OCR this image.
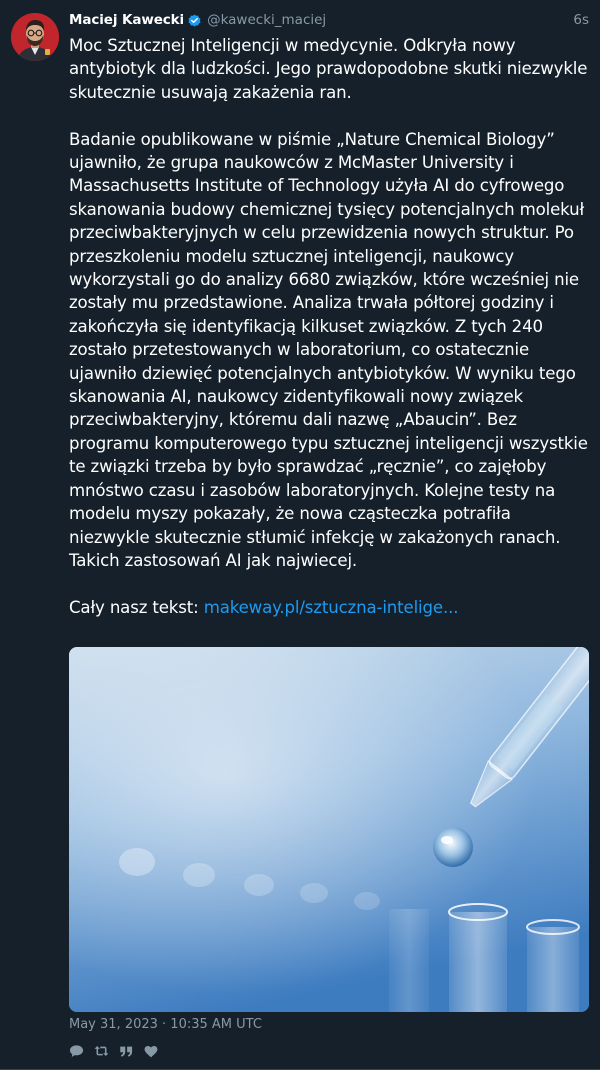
Maciej Kawecki @kawecki_maciej	6s

Moc Sztucznej Inteligencji w medycynie. Odkryła nowy antybiotyk dla ludzkości. Jego prawdopodobne skutki niezwykle skutecznie usuwają zakażenia ran.

Badanie opublikowane w piśmie „Nature Chemical Biology” ujawniło, że grupa naukowców z McMaster University i Massachusetts Institute of Technology użyła AI do cyfrowego skanowania budowy chemicznej tysięcy potencjalnych molekuł przeciwbakteryjnych w celu przewidzenia nowych struktur. Po przeszkoleniu modelu sztucznej inteligencji, naukowcy wykorzystali go do analizy 6680 związków, które wcześniej nie zostały mu przedstawione. Analiza trwała półtorej godziny i zakończyła się identyfikacją kilkuset związków. Z tych 240 zostało przetestowanych w laboratorium, co ostatecznie ujawniło dziewięć potencjalnych antybiotyków. W wyniku tego skanowania AI, naukowcy zidentyfikowali nowy związek przeciwbakteryjny, któremu dali nazwę „Abaucin”. Bez programu komputerowego typu sztucznej inteligencji wszystkie te związki trzeba by było sprawdzać „ręcznie”, co zajęłoby mnóstwo czasu i zasobów laboratoryjnych. Kolejne testy na modelu myszy pokazały, że nowa cząsteczka potrafiła niezwykle skutecznie stłumić infekcję w zakażonych ranach. Takich zastosowań AI jak najwiecej.

Cały nasz tekst: makeway.pl/sztuczna-intelige...

May 31, 2023 · 10:35 AM UTC
